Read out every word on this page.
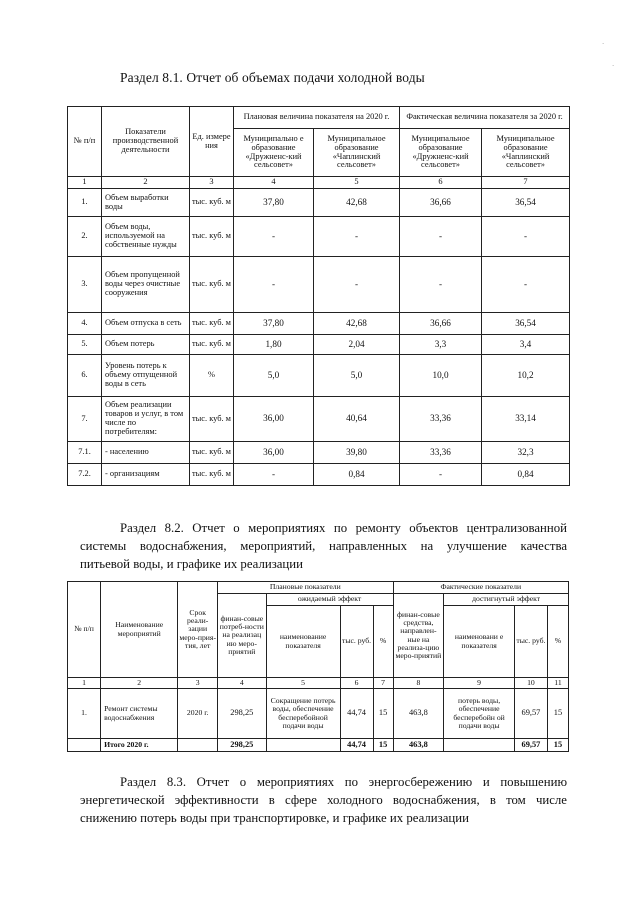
·
·
Раздел 8.1. Отчет об объемах подачи холодной воды
№ п/п	Показатели производственной деятельности	Ед. измере ния	Плановая величина показателя на 2020 г.		Фактическая величина показателя за 2020 г.	
			Муниципально е образование «Дружненс-кий сельсовет»	Муниципальное образование «Чаплинский сельсовет»	Муниципальное образование «Дружненс-кий сельсовет»	Муниципальное образование «Чаплинский сельсовет»
1	2	3	4	5	6	7
1.	Объем выработки воды	тыс. куб. м	37,80	42,68	36,66	36,54
2.	Объем воды, используемой на собственные нужды	тыс. куб. м	-	-	-	-
3.	Объем пропущенной воды через очистные сооружения	тыс. куб. м	-	-	-	-
4.	Объем отпуска в сеть	тыс. куб. м	37,80	42,68	36,66	36,54
5.	Объем потерь	тыс. куб. м	1,80	2,04	3,3	3,4
6.	Уровень потерь к объему отпущенной воды в сеть	%	5,0	5,0	10,0	10,2
7.	Объем реализации товаров и услуг, в том числе по потребителям:	тыс. куб. м	36,00	40,64	33,36	33,14
7.1.	- населению	тыс. куб. м	36,00	39,80	33,36	32,3
7.2.	- организациям	тыс. куб. м	-	0,84	-	0,84
Раздел 8.2. Отчет о мероприятиях по ремонту объектов централизованной
системы водоснабжения, мероприятий, направленных на улучшение качества
питьевой воды, и графике их реализации
№ п/п	Наименование мероприятий	Срок реали-зации меро-прия-тия, лет	Плановые показатели				Фактические показатели			
			финан-совые потреб-ности на реализац ию меро-приятий	ожидаемый эффект			финан-совые средства, направлен-ные на реализа-цию меро-приятий	достигнутый эффект		
				наименование показателя	тыс. руб.	%		наименовани е показателя	тыс. руб.	%
1	2	3	4	5	6	7	8	9	10	11
1.	Ремонт системы водоснабжения	2020 г.	298,25	Сокращение потерь воды, обеспечение бесперебойной подачи воды	44,74	15	463,8	потерь воды, обеспечение бесперебойн ой подачи воды	69,57	15
	Итого 2020 г.		298,25		44,74	15	463,8		69,57	15
Раздел 8.3. Отчет о мероприятиях по энергосбережению и повышению
энергетической эффективности в сфере холодного водоснабжения, в том числе
снижению потерь воды при транспортировке, и графике их реализации
